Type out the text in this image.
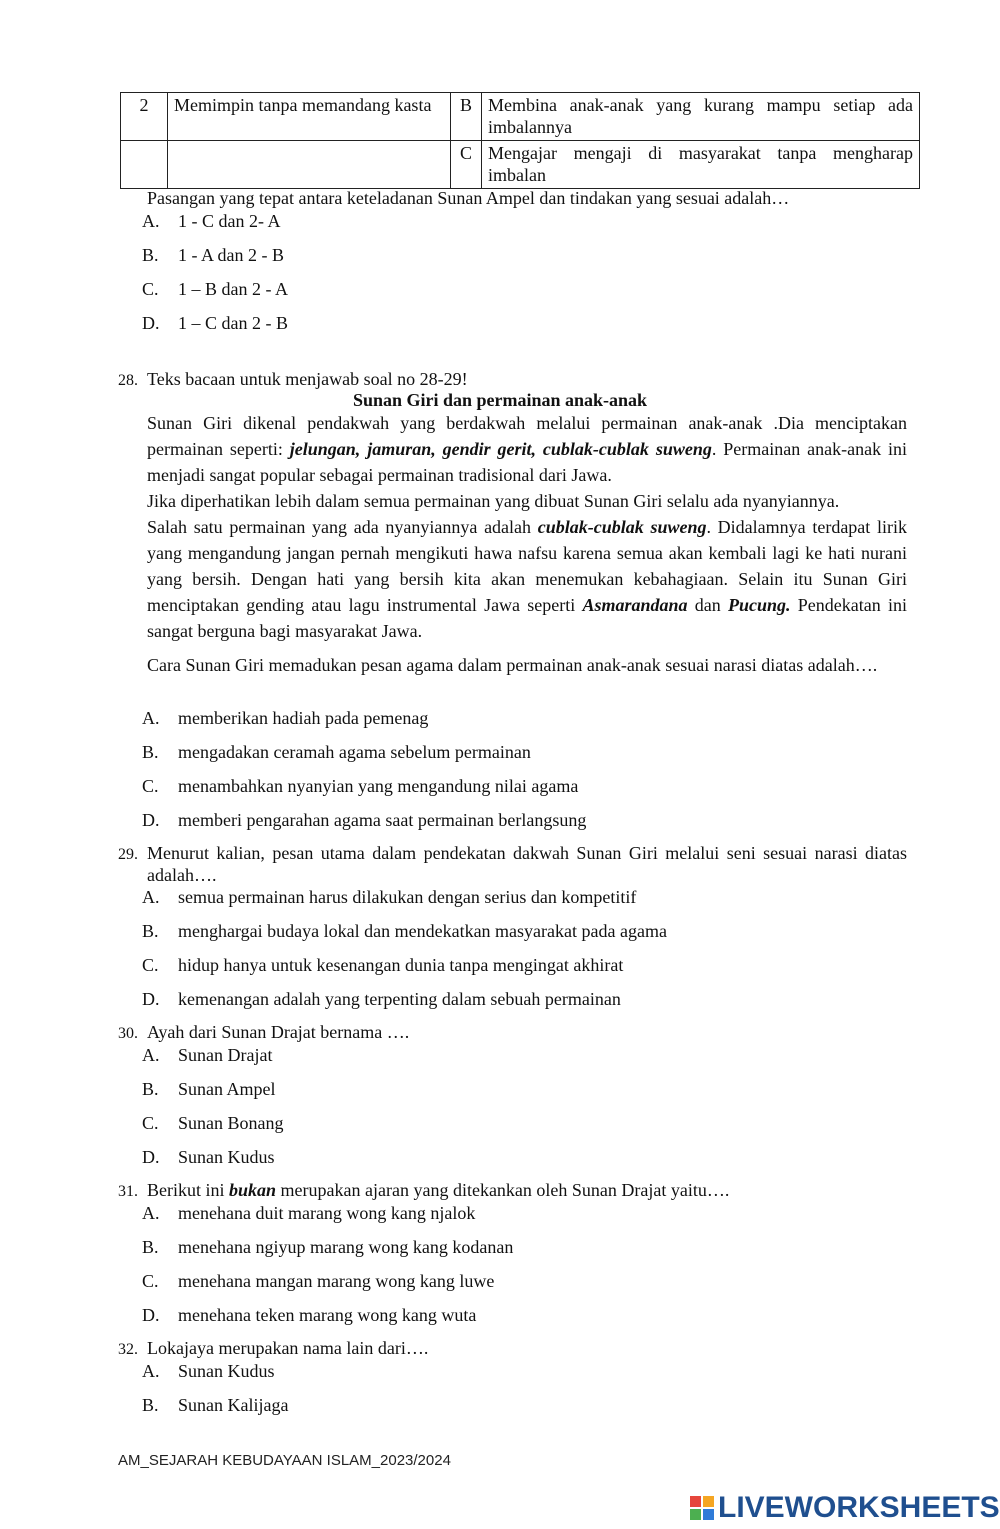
2	Memimpin tanpa memandang kasta	B	Membina anak-anak yang kurang mampu setiap ada imbalannya
		C	Mengajar mengaji di masyarakat tanpa mengharap imbalan
Pasangan yang tepat antara keteladanan Sunan Ampel dan tindakan yang sesuai adalah…
A. 1 - C dan 2- A
B. 1 - A dan 2 - B
C. 1 – B dan 2 - A
D. 1 – C dan 2 - B
28. Teks bacaan untuk menjawab soal no 28-29!
Sunan Giri dan permainan anak-anak
Sunan Giri dikenal pendakwah yang berdakwah melalui permainan anak-anak .Dia menciptakan permainan seperti: jelungan, jamuran, gendir gerit, cublak-cublak suweng. Permainan anak-anak ini menjadi sangat popular sebagai permainan tradisional dari Jawa.
Jika diperhatikan lebih dalam semua permainan yang dibuat Sunan Giri selalu ada nyanyiannya.
Salah satu permainan yang ada nyanyiannya adalah cublak-cublak suweng. Didalamnya terdapat lirik yang mengandung jangan pernah mengikuti hawa nafsu karena semua akan kembali lagi ke hati nurani yang bersih. Dengan hati yang bersih kita akan menemukan kebahagiaan. Selain itu Sunan Giri menciptakan gending atau lagu instrumental Jawa seperti Asmarandana dan Pucung. Pendekatan ini sangat berguna bagi masyarakat Jawa.
Cara Sunan Giri memadukan pesan agama dalam permainan anak-anak sesuai narasi diatas adalah….
A. memberikan hadiah pada pemenag
B. mengadakan ceramah agama sebelum permainan
C. menambahkan nyanyian yang mengandung nilai agama
D. memberi pengarahan agama saat permainan berlangsung
29. Menurut kalian, pesan utama dalam pendekatan dakwah Sunan Giri melalui seni sesuai narasi diatas adalah….
A. semua permainan harus dilakukan dengan serius dan kompetitif
B. menghargai budaya lokal dan mendekatkan masyarakat pada agama
C. hidup hanya untuk kesenangan dunia tanpa mengingat akhirat
D. kemenangan adalah yang terpenting dalam sebuah permainan
30. Ayah dari Sunan Drajat bernama ….
A. Sunan Drajat
B. Sunan Ampel
C. Sunan Bonang
D. Sunan Kudus
31. Berikut ini bukan merupakan ajaran yang ditekankan oleh Sunan Drajat yaitu….
A. menehana duit marang wong kang njalok
B. menehana ngiyup marang wong kang kodanan
C. menehana mangan marang wong kang luwe
D. menehana teken marang wong kang wuta
32. Lokajaya merupakan nama lain dari….
A. Sunan Kudus
B. Sunan Kalijaga
AM_SEJARAH KEBUDAYAAN ISLAM_2023/2024
LIVEWORKSHEETS
